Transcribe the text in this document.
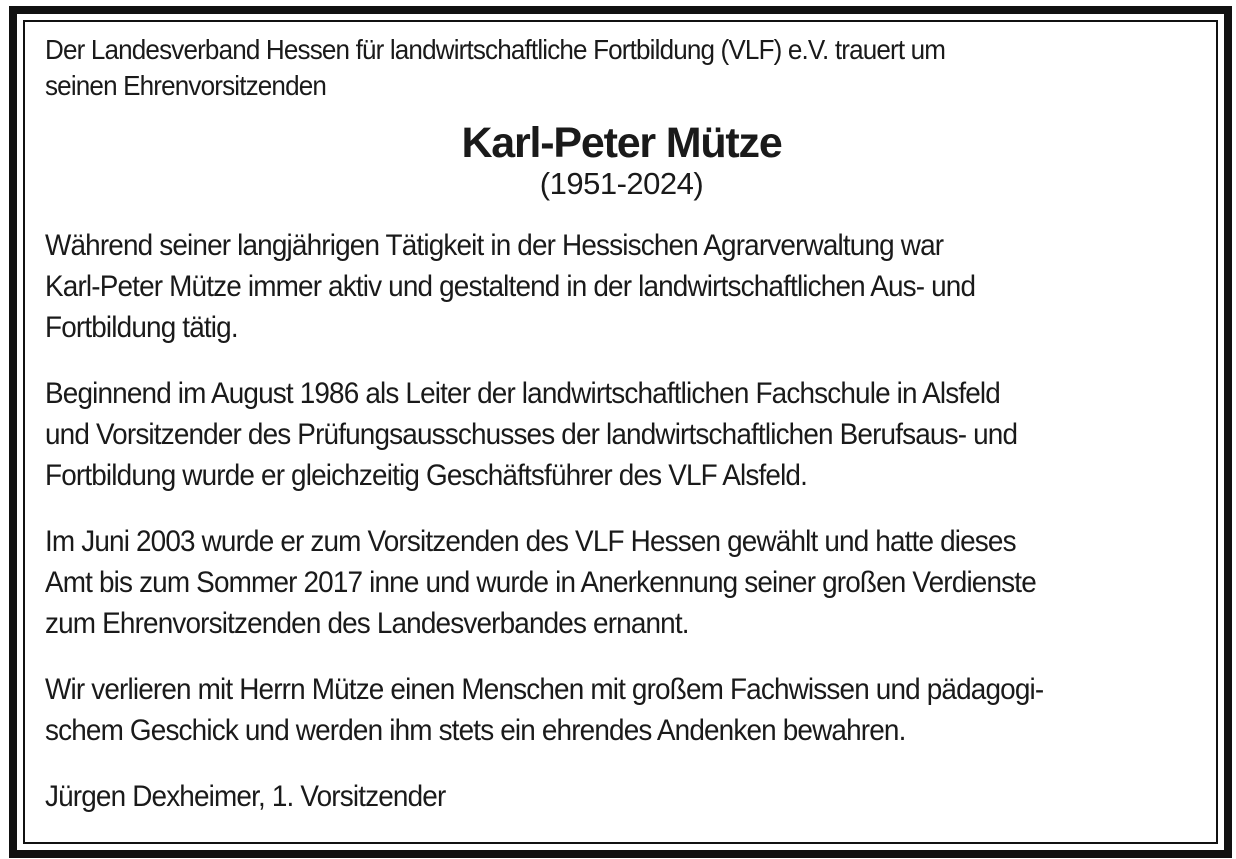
Der Landesverband Hessen für landwirtschaftliche Fortbildung (VLF) e.V. trauert um
seinen Ehrenvorsitzenden

Karl-Peter Mütze
(1951-2024)

Während seiner langjährigen Tätigkeit in der Hessischen Agrarverwaltung war
Karl-Peter Mütze immer aktiv und gestaltend in der landwirtschaftlichen Aus- und
Fortbildung tätig.

Beginnend im August 1986 als Leiter der landwirtschaftlichen Fachschule in Alsfeld
und Vorsitzender des Prüfungsausschusses der landwirtschaftlichen Berufsaus- und
Fortbildung wurde er gleichzeitig Geschäftsführer des VLF Alsfeld.

Im Juni 2003 wurde er zum Vorsitzenden des VLF Hessen gewählt und hatte dieses
Amt bis zum Sommer 2017 inne und wurde in Anerkennung seiner großen Verdienste
zum Ehrenvorsitzenden des Landesverbandes ernannt.

Wir verlieren mit Herrn Mütze einen Menschen mit großem Fachwissen und pädagogi-
schem Geschick und werden ihm stets ein ehrendes Andenken bewahren.

Jürgen Dexheimer, 1. Vorsitzender
